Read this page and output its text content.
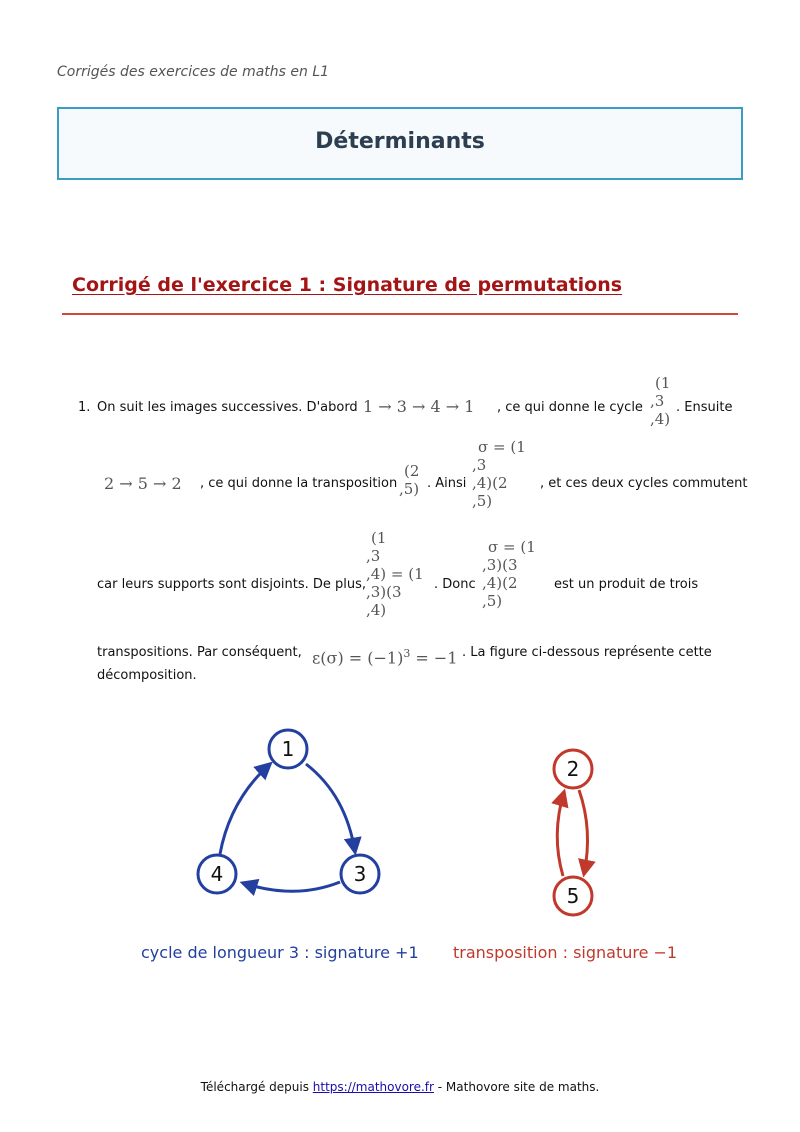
Corrigés des exercices de maths en L1
Déterminants
Corrigé de l'exercice 1 : Signature de permutations
1. On suit les images successives. D'abord 1 → 3 → 4 → 1 , ce qui donne le cycle
(1
,3
,4)
. Ensuite
2 → 5 → 2 , ce qui donne la transposition
(2
,5) . Ainsi
σ = (1
,3
,4)(2
,5)
, et ces deux cycles commutent
car leurs supports sont disjoints. De plus,
(1
,3
,4) = (1
,3)(3
,4)
. Donc
σ = (1
,3)(3
,4)(2
,5)
est un produit de trois
transpositions. Par conséquent, $\varepsilon(\sigma) = (-1)^3 = -1$ . La figure ci-dessous représente cette
décomposition.
1
3
4
2
5
cycle de longueur 3 : signature +1 transposition : signature −1
Téléchargé depuis https://mathovore.fr - Mathovore site de maths.
